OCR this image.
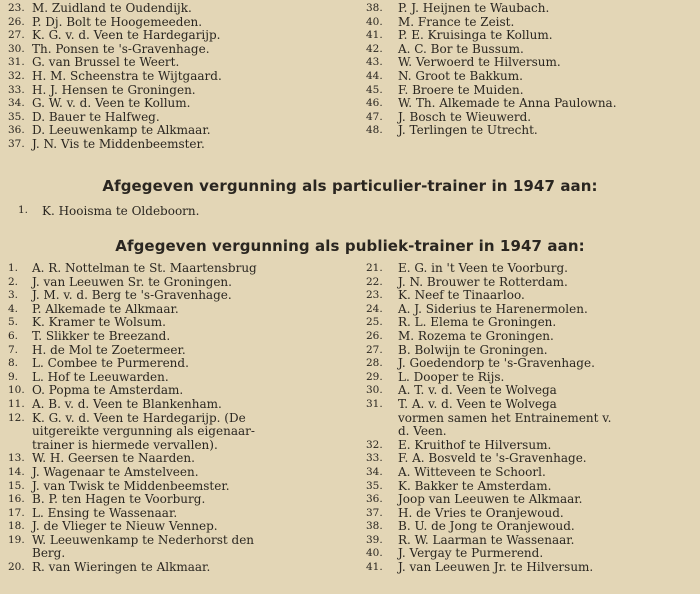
23. M. Zuidland te Oudendijk.
26. P. Dj. Bolt te Hoogemeeden.
27. K. G. v. d. Veen te Hardegarijp.
30. Th. Ponsen te 's-Gravenhage.
31. G. van Brussel te Weert.
32. H. M. Scheenstra te Wijtgaard.
33. H. J. Hensen te Groningen.
34. G. W. v. d. Veen te Kollum.
35. D. Bauer te Halfweg.
36. D. Leeuwenkamp te Alkmaar.
37. J. N. Vis te Middenbeemster.
38.	P. J. Heijnen te Waubach.
40.	M. France te Zeist.
41.	P. E. Kruisinga te Kollum.
42.	A. C. Bor te Bussum.
43.	W. Verwoerd te Hilversum.
44.	N. Groot te Bakkum.
45.	F. Broere te Muiden.
46.	W. Th. Alkemade te Anna Paulowna.
47.	J. Bosch te Wieuwerd.
48.	J. Terlingen te Utrecht.
Afgegeven vergunning als particulier-trainer in 1947 aan:
1.	K. Hooisma te Oldeboorn.
Afgegeven vergunning als publiek-trainer in 1947 aan:
1.	A. R. Nottelman te St. Maartensbrug
2.	J. van Leeuwen Sr. te Groningen.
3.	J. M. v. d. Berg te 's-Gravenhage.
4.	P. Alkemade te Alkmaar.
5.	K. Kramer te Wolsum.
6.	T. Slikker te Breezand.
7.	H. de Mol te Zoetermeer.
8.	L. Combee te Purmerend.
9.	L. Hof te Leeuwarden.
10. O. Popma te Amsterdam.
11. A. B. v. d. Veen te Blankenham.
12. K. G. v. d. Veen te Hardegarijp. (De
uitgereikte vergunning als eigenaar-
trainer is hiermede vervallen).
13. W. H. Geersen te Naarden.
14. J. Wagenaar te Amstelveen.
15. J. van Twisk te Middenbeemster.
16. B. P. ten Hagen te Voorburg.
17. L. Ensing te Wassenaar.
18. J. de Vlieger te Nieuw Vennep.
19. W. Leeuwenkamp te Nederhorst den
Berg.
20. R. van Wieringen te Alkmaar.
21.	E. G. in 't Veen te Voorburg.
22.	J. N. Brouwer te Rotterdam.
23.	K. Neef te Tinaarloo.
24.	A. J. Siderius te Harenermolen.
25.	R. L. Elema te Groningen.
26.	M. Rozema te Groningen.
27.	B. Bolwijn te Groningen.
28.	J. Goedendorp te 's-Gravenhage.
29.	L. Dooper te Rijs.
30.	A. T. v. d. Veen te Wolvega
31.	T. A. v. d. Veen te Wolvega
vormen samen het Entrainement v.
d. Veen.
32.	E. Kruithof te Hilversum.
33.	F. A. Bosveld te 's-Gravenhage.
34.	A. Witteveen te Schoorl.
35.	K. Bakker te Amsterdam.
36.	Joop van Leeuwen te Alkmaar.
37.	H. de Vries te Oranjewoud.
38.	B. U. de Jong te Oranjewoud.
39.	R. W. Laarman te Wassenaar.
40.	J. Vergay te Purmerend.
41.	J. van Leeuwen Jr. te Hilversum.
